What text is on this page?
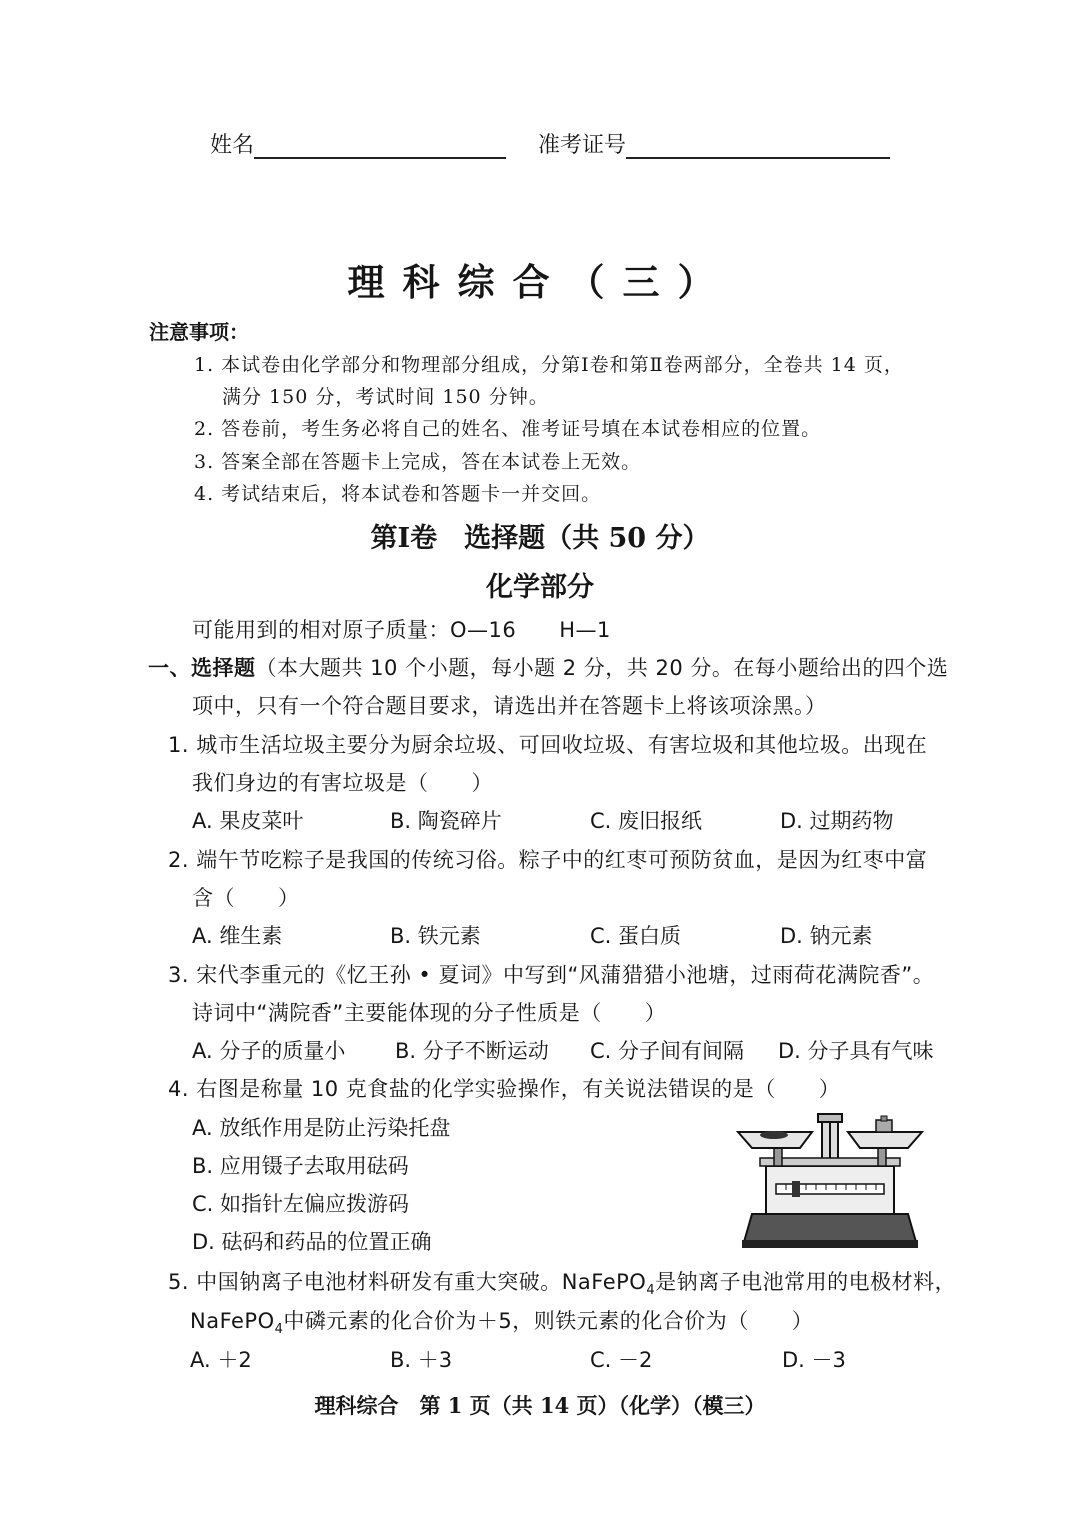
姓名	准考证号
理科综合（三）
注意事项：
1. 本试卷由化学部分和物理部分组成，分第Ⅰ卷和第Ⅱ卷两部分，全卷共 14 页，
满分 150 分，考试时间 150 分钟。
2. 答卷前，考生务必将自己的姓名、准考证号填在本试卷相应的位置。
3. 答案全部在答题卡上完成，答在本试卷上无效。
4. 考试结束后，将本试卷和答题卡一并交回。
第Ⅰ卷　选择题（共 50 分）
化学部分
可能用到的相对原子质量：O—16　　H—1
一、选择题（本大题共 10 个小题，每小题 2 分，共 20 分。在每小题给出的四个选
项中，只有一个符合题目要求，请选出并在答题卡上将该项涂黑。）
1. 城市生活垃圾主要分为厨余垃圾、可回收垃圾、有害垃圾和其他垃圾。出现在
我们身边的有害垃圾是（　　）
A. 果皮菜叶	B. 陶瓷碎片	C. 废旧报纸	D. 过期药物
2. 端午节吃粽子是我国的传统习俗。粽子中的红枣可预防贫血，是因为红枣中富
含（　　）
A. 维生素	B. 铁元素	C. 蛋白质	D. 钠元素
3. 宋代李重元的《忆王孙 • 夏词》中写到“风蒲猎猎小池塘，过雨荷花满院香”。
诗词中“满院香”主要能体现的分子性质是（　　）
A. 分子的质量小 B. 分子不断运动 C. 分子间有间隔 D. 分子具有气味
4. 右图是称量 10 克食盐的化学实验操作，有关说法错误的是（　　）
A. 放纸作用是防止污染托盘
B. 应用镊子去取用砝码
C. 如指针左偏应拨游码
D. 砝码和药品的位置正确
5. 中国钠离子电池材料研发有重大突破。NaFePO$_4$是钠离子电池常用的电极材料，
NaFePO$_4$中磷元素的化合价为＋5，则铁元素的化合价为（　　）
A. ＋2	B. ＋3	C. －2	D. －3
理科综合　第 1 页（共 14 页）（化学）（模三）
